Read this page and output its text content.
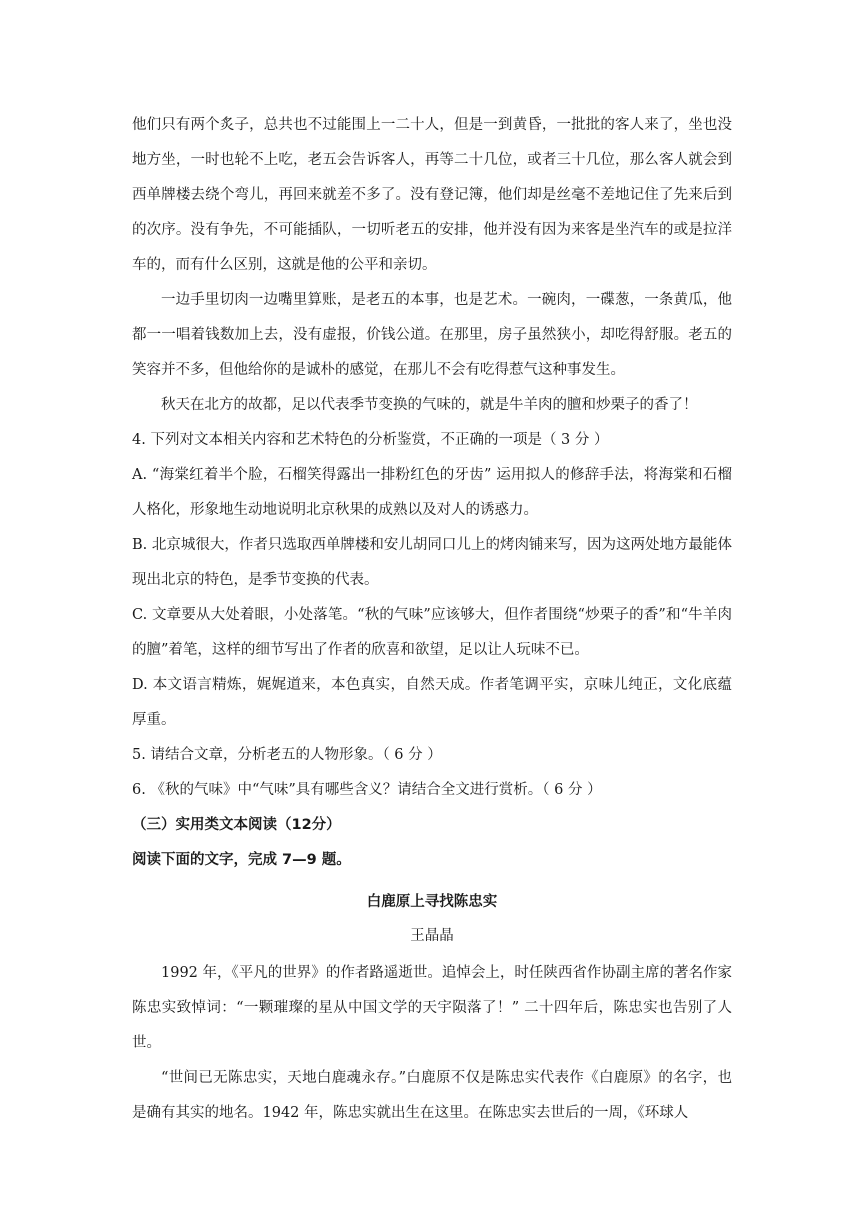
他们只有两个炙子，总共也不过能围上一二十人，但是一到黄昏，一批批的客人来了，坐也没地方坐，一时也轮不上吃，老五会告诉客人，再等二十几位，或者三十几位，那么客人就会到西单牌楼去绕个弯儿，再回来就差不多了。没有登记簿，他们却是丝毫不差地记住了先来后到的次序。没有争先，不可能插队，一切听老五的安排，他并没有因为来客是坐汽车的或是拉洋车的，而有什么区别，这就是他的公平和亲切。

一边手里切肉一边嘴里算账，是老五的本事，也是艺术。一碗肉，一碟葱，一条黄瓜，他都一一唱着钱数加上去，没有虚报，价钱公道。在那里，房子虽然狭小，却吃得舒服。老五的笑容并不多，但他给你的是诚朴的感觉，在那儿不会有吃得惹气这种事发生。

秋天在北方的故都，足以代表季节变换的气味的，就是牛羊肉的膻和炒栗子的香了！

4. 下列对文本相关内容和艺术特色的分析鉴赏，不正确的一项是（ 3 分 ）

A. “海棠红着半个脸，石榴笑得露出一排粉红色的牙齿” 运用拟人的修辞手法，将海棠和石榴人格化，形象地生动地说明北京秋果的成熟以及对人的诱惑力。

B. 北京城很大，作者只选取西单牌楼和安儿胡同口儿上的烤肉铺来写，因为这两处地方最能体现出北京的特色，是季节变换的代表。

C. 文章要从大处着眼，小处落笔。“秋的气味”应该够大，但作者围绕“炒栗子的香”和“牛羊肉的膻”着笔，这样的细节写出了作者的欣喜和欲望，足以让人玩味不已。

D. 本文语言精炼，娓娓道来，本色真实，自然天成。作者笔调平实，京味儿纯正，文化底蕴厚重。

5. 请结合文章，分析老五的人物形象。（ 6 分 ）

6. 《秋的气味》中“气味”具有哪些含义？请结合全文进行赏析。（ 6 分 ）

（三）实用类文本阅读（12分）

阅读下面的文字，完成 7—9 题。

白鹿原上寻找陈忠实

王晶晶

1992 年，《平凡的世界》的作者路遥逝世。追悼会上，时任陕西省作协副主席的著名作家陈忠实致悼词：“一颗璀璨的星从中国文学的天宇陨落了！” 二十四年后，陈忠实也告别了人世。

“世间已无陈忠实，天地白鹿魂永存。”白鹿原不仅是陈忠实代表作《白鹿原》的名字，也是确有其实的地名。1942 年，陈忠实就出生在这里。在陈忠实去世后的一周，《环球人
